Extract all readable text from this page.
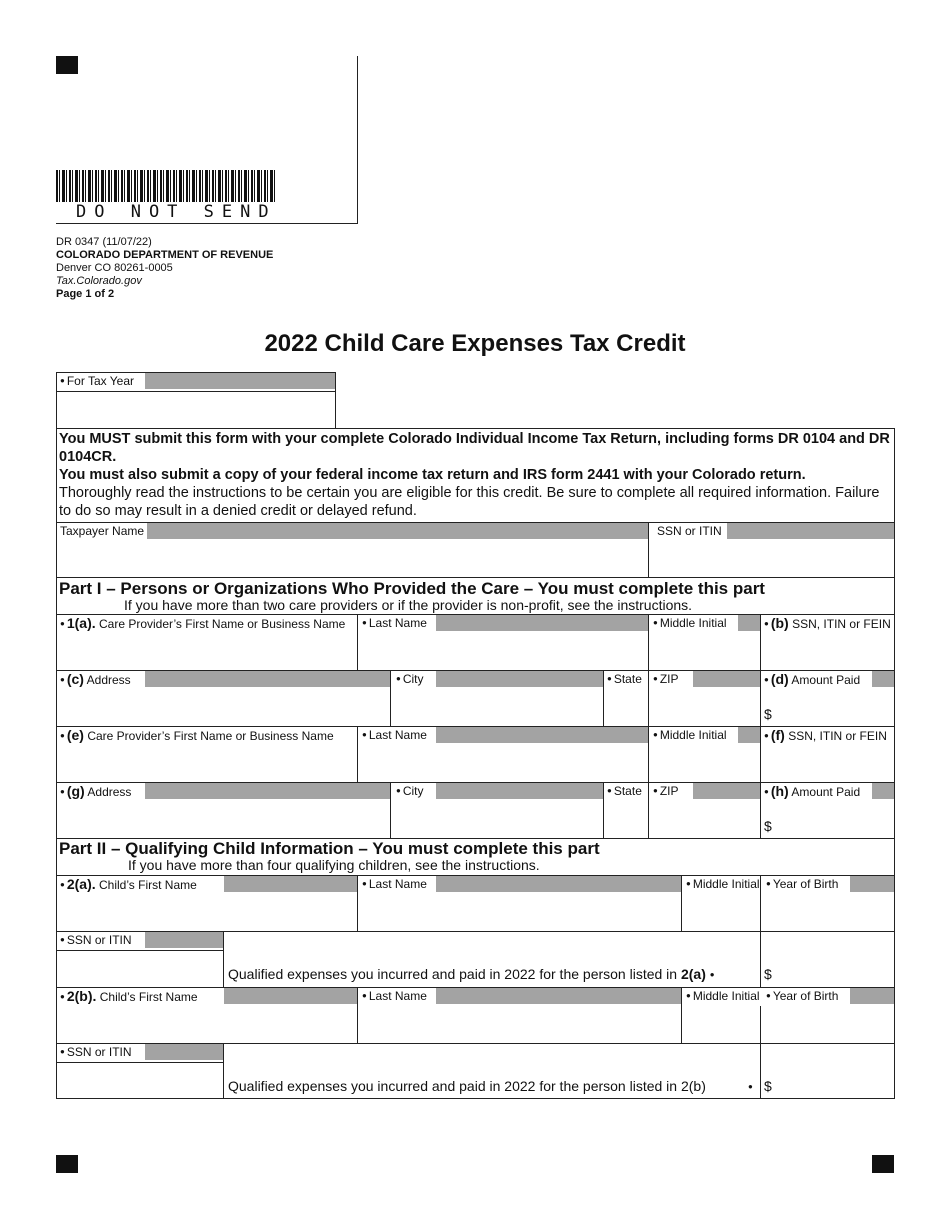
DO NOT SEND
DR 0347 (11/07/22)
COLORADO DEPARTMENT OF REVENUE
Denver CO 80261-0005
Tax.Colorado.gov
Page 1 of 2
2022 Child Care Expenses Tax Credit
● For Tax Year
You MUST submit this form with your complete Colorado Individual Income Tax Return, including forms DR 0104 and DR 0104CR.
You must also submit a copy of your federal income tax return and IRS form 2441 with your Colorado return.
Thoroughly read the instructions to be certain you are eligible for this credit. Be sure to complete all required information. Failure to do so may result in a denied credit or delayed refund.
Taxpayer Name	SSN or ITIN
Part I – Persons or Organizations Who Provided the Care – You must complete this part
If you have more than two care providers or if the provider is non-profit, see the instructions.
● 1(a). Care Provider’s First Name or Business Name	● Last Name	● Middle Initial	● (b) SSN, ITIN or FEIN
● (c) Address	● City	● State	● ZIP	● (d) Amount Paid
$
● (e) Care Provider’s First Name or Business Name	● Last Name	● Middle Initial	● (f) SSN, ITIN or FEIN
● (g) Address	● City	● State	● ZIP	● (h) Amount Paid
$
Part II – Qualifying Child Information – You must complete this part
If you have more than four qualifying children, see the instructions.
● 2(a). Child’s First Name	● Last Name	● Middle Initial	● Year of Birth
● SSN or ITIN
Qualified expenses you incurred and paid in 2022 for the person listed in 2(a) ●	$
● 2(b). Child’s First Name	● Last Name	● Middle Initial	● Year of Birth
● SSN or ITIN
Qualified expenses you incurred and paid in 2022 for the person listed in 2(b) ●	$
